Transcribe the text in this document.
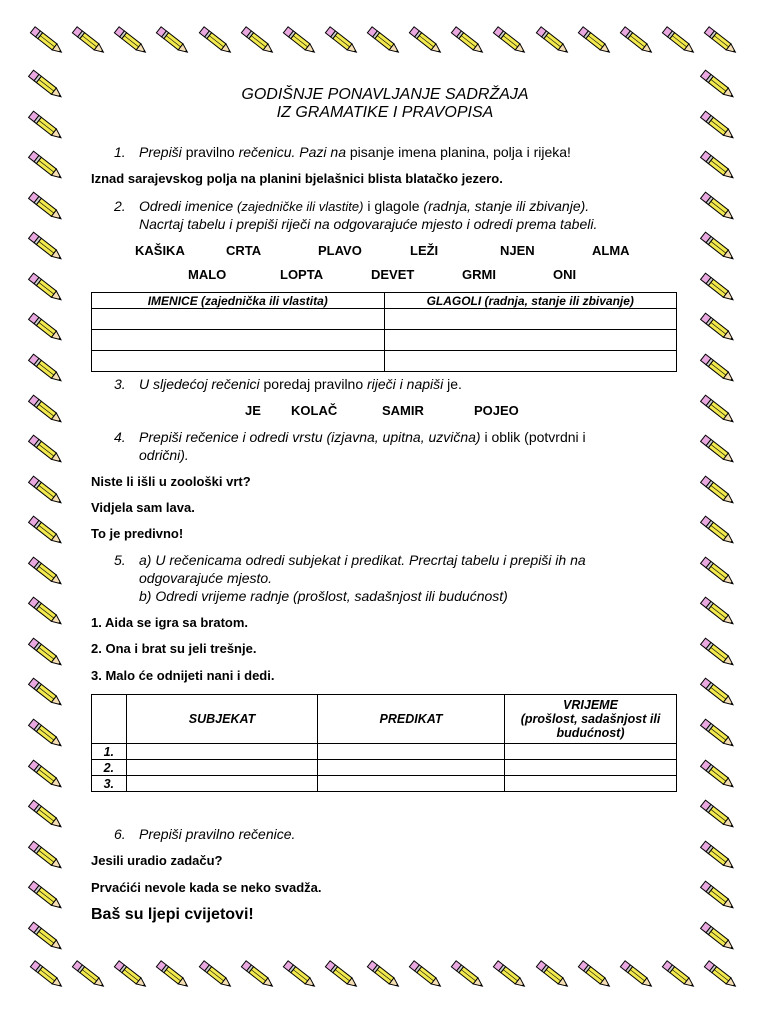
GODIŠNJE PONAVLJANJE SADRŽAJA
IZ GRAMATIKE I PRAVOPISA
1. Prepiši pravilno rečenicu. Pazi na pisanje imena planina, polja i rijeka!
Iznad sarajevskog polja na planini bjelašnici blista blatačko jezero.
2. Odredi imenice (zajedničke ili vlastite) i glagole (radnja, stanje ili zbivanje).
Nacrtaj tabelu i prepiši riječi na odgovarajuće mjesto i odredi prema tabeli.
KAŠIKA	CRTA	PLAVO	LEŽI	NJEN	ALMA
MALO	LOPTA	DEVET	GRMI	ONI
IMENICE (zajednička ili vlastita)	GLAGOLI (radnja, stanje ili zbivanje)

3. U sljedećoj rečenici poredaj pravilno riječi i napiši je.
JE KOLAČ	SAMIR	POJEO
4. Prepiši rečenice i odredi vrstu (izjavna, upitna, uzvična) i oblik (potvrdni i
odrični).
Niste li išli u zoološki vrt?
Vidjela sam lava.
To je predivno!
5. a) U rečenicama odredi subjekat i predikat. Precrtaj tabelu i prepiši ih na
odgovarajuće mjesto.
b) Odredi vrijeme radnje (prošlost, sadašnjost ili budućnost)
1. Aida se igra sa bratom.
2. Ona i brat su jeli trešnje.
3. Malo će odnijeti nani i dedi.
	SUBJEKAT	PREDIKAT	VRIJEME
(prošlost, sadašnjost ili
budućnost)

1.			
2.			
3.			
6. Prepiši pravilno rečenice.
Jesili uradio zadaču?
Prvaćići nevole kada se neko svadža.
Baš su ljepi cvijetovi!
